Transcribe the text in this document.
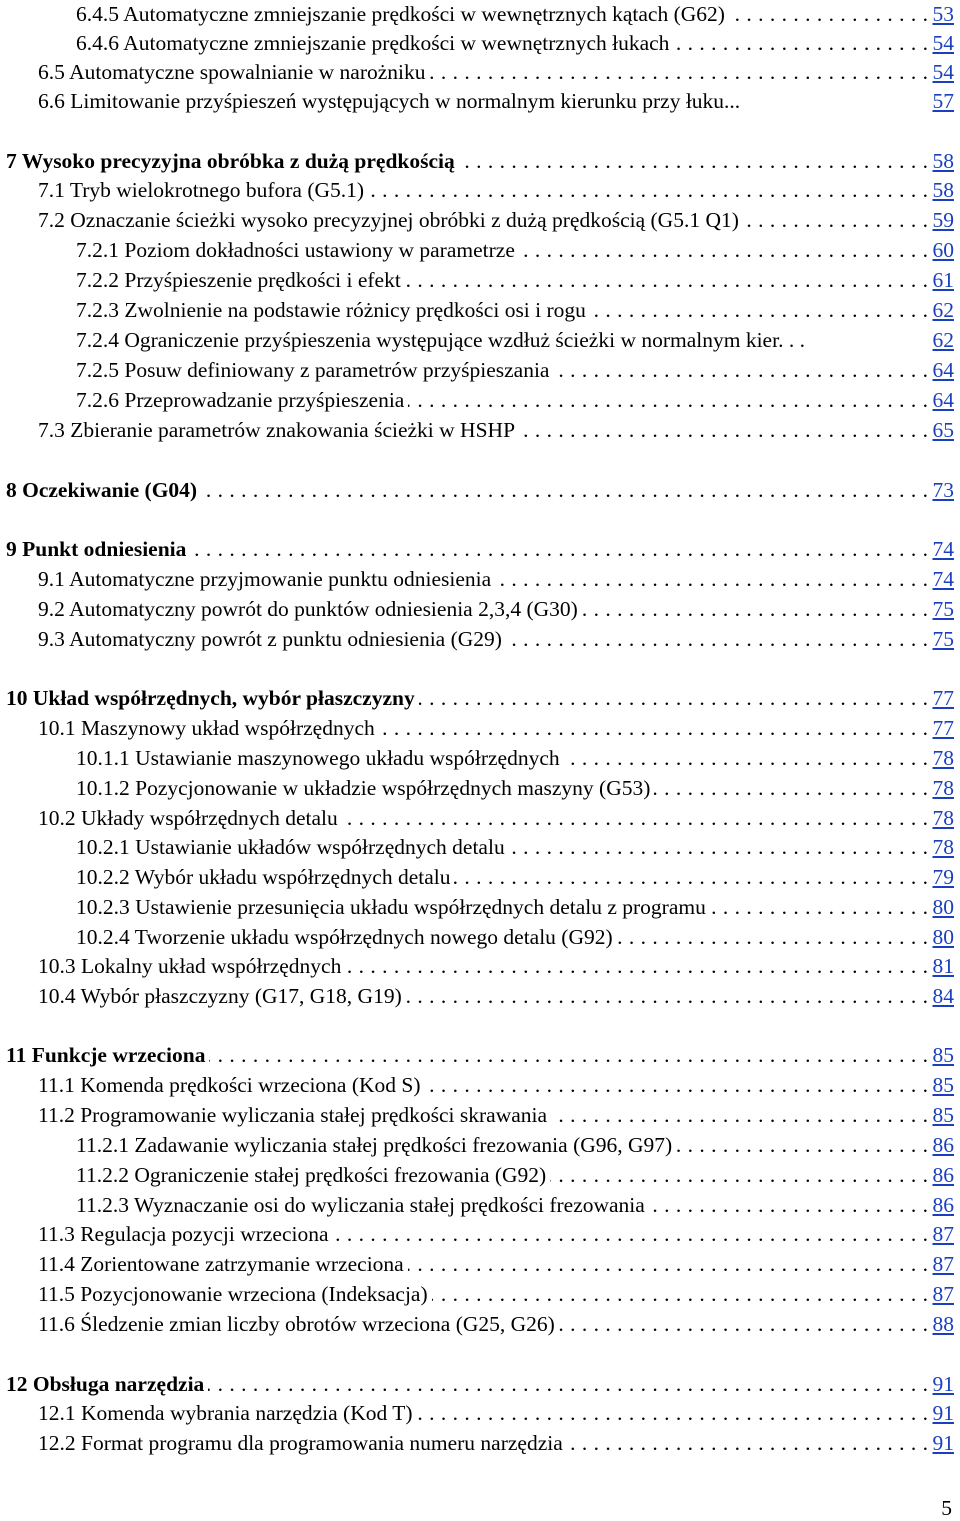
6.4.5 Automatyczne zmniejszanie prędkości w wewnętrznych kątach (G62) . . .	53
6.4.6 Automatyczne zmniejszanie prędkości w wewnętrznych łukach . . .	54
6.5 Automatyczne spowalnianie w narożniku . . .	54
6.6 Limitowanie przyśpieszeń występujących w normalnym kierunku przy łuku...	57
7 Wysoko precyzyjna obróbka z dużą prędkością . . .	58
7.1 Tryb wielokrotnego bufora (G5.1) . . .	58
7.2 Oznaczanie ścieżki wysoko precyzyjnej obróbki z dużą prędkością (G5.1 Q1) . . .	59
7.2.1 Poziom dokładności ustawiony w parametrze . . .	60
7.2.2 Przyśpieszenie prędkości i efekt . . .	61
7.2.3 Zwolnienie na podstawie różnicy prędkości osi i rogu . . .	62
7.2.4 Ograniczenie przyśpieszenia występujące wzdłuż ścieżki w normalnym kier. . .	62
7.2.5 Posuw definiowany z parametrów przyśpieszania . . .	64
7.2.6 Przeprowadzanie przyśpieszenia . . .	64
7.3 Zbieranie parametrów znakowania ścieżki w HSHP . . .	65
8 Oczekiwanie (G04) . . .	73
9 Punkt odniesienia . . .	74
9.1 Automatyczne przyjmowanie punktu odniesienia . . .	74
9.2 Automatyczny powrót do punktów odniesienia 2,3,4 (G30) . . .	75
9.3 Automatyczny powrót z punktu odniesienia (G29) . . .	75
10 Układ współrzędnych, wybór płaszczyzny . . .	77
10.1 Maszynowy układ współrzędnych . . .	77
10.1.1 Ustawianie maszynowego układu współrzędnych . . .	78
10.1.2 Pozycjonowanie w układzie współrzędnych maszyny (G53) . . .	78
10.2 Układy współrzędnych detalu . . .	78
10.2.1 Ustawianie układów współrzędnych detalu . . .	78
10.2.2 Wybór układu współrzędnych detalu . . .	79
10.2.3 Ustawienie przesunięcia układu współrzędnych detalu z programu . . .	80
10.2.4 Tworzenie układu współrzędnych nowego detalu (G92) . . .	80
10.3 Lokalny układ współrzędnych . . .	81
10.4 Wybór płaszczyzny (G17, G18, G19) . . .	84
11 Funkcje wrzeciona . . .	85
11.1 Komenda prędkości wrzeciona (Kod S) . . .	85
11.2 Programowanie wyliczania stałej prędkości skrawania . . .	85
11.2.1 Zadawanie wyliczania stałej prędkości frezowania (G96, G97) . . .	86
11.2.2 Ograniczenie stałej prędkości frezowania (G92) . . .	86
11.2.3 Wyznaczanie osi do wyliczania stałej prędkości frezowania . . .	86
11.3 Regulacja pozycji wrzeciona . . .	87
11.4 Zorientowane zatrzymanie wrzeciona . . .	87
11.5 Pozycjonowanie wrzeciona (Indeksacja) . . .	87
11.6 Śledzenie zmian liczby obrotów wrzeciona (G25, G26) . . .	88
12 Obsługa narzędzia . . .	91
12.1 Komenda wybrania narzędzia (Kod T) . . .	91
12.2 Format programu dla programowania numeru narzędzia . . .	91
5
